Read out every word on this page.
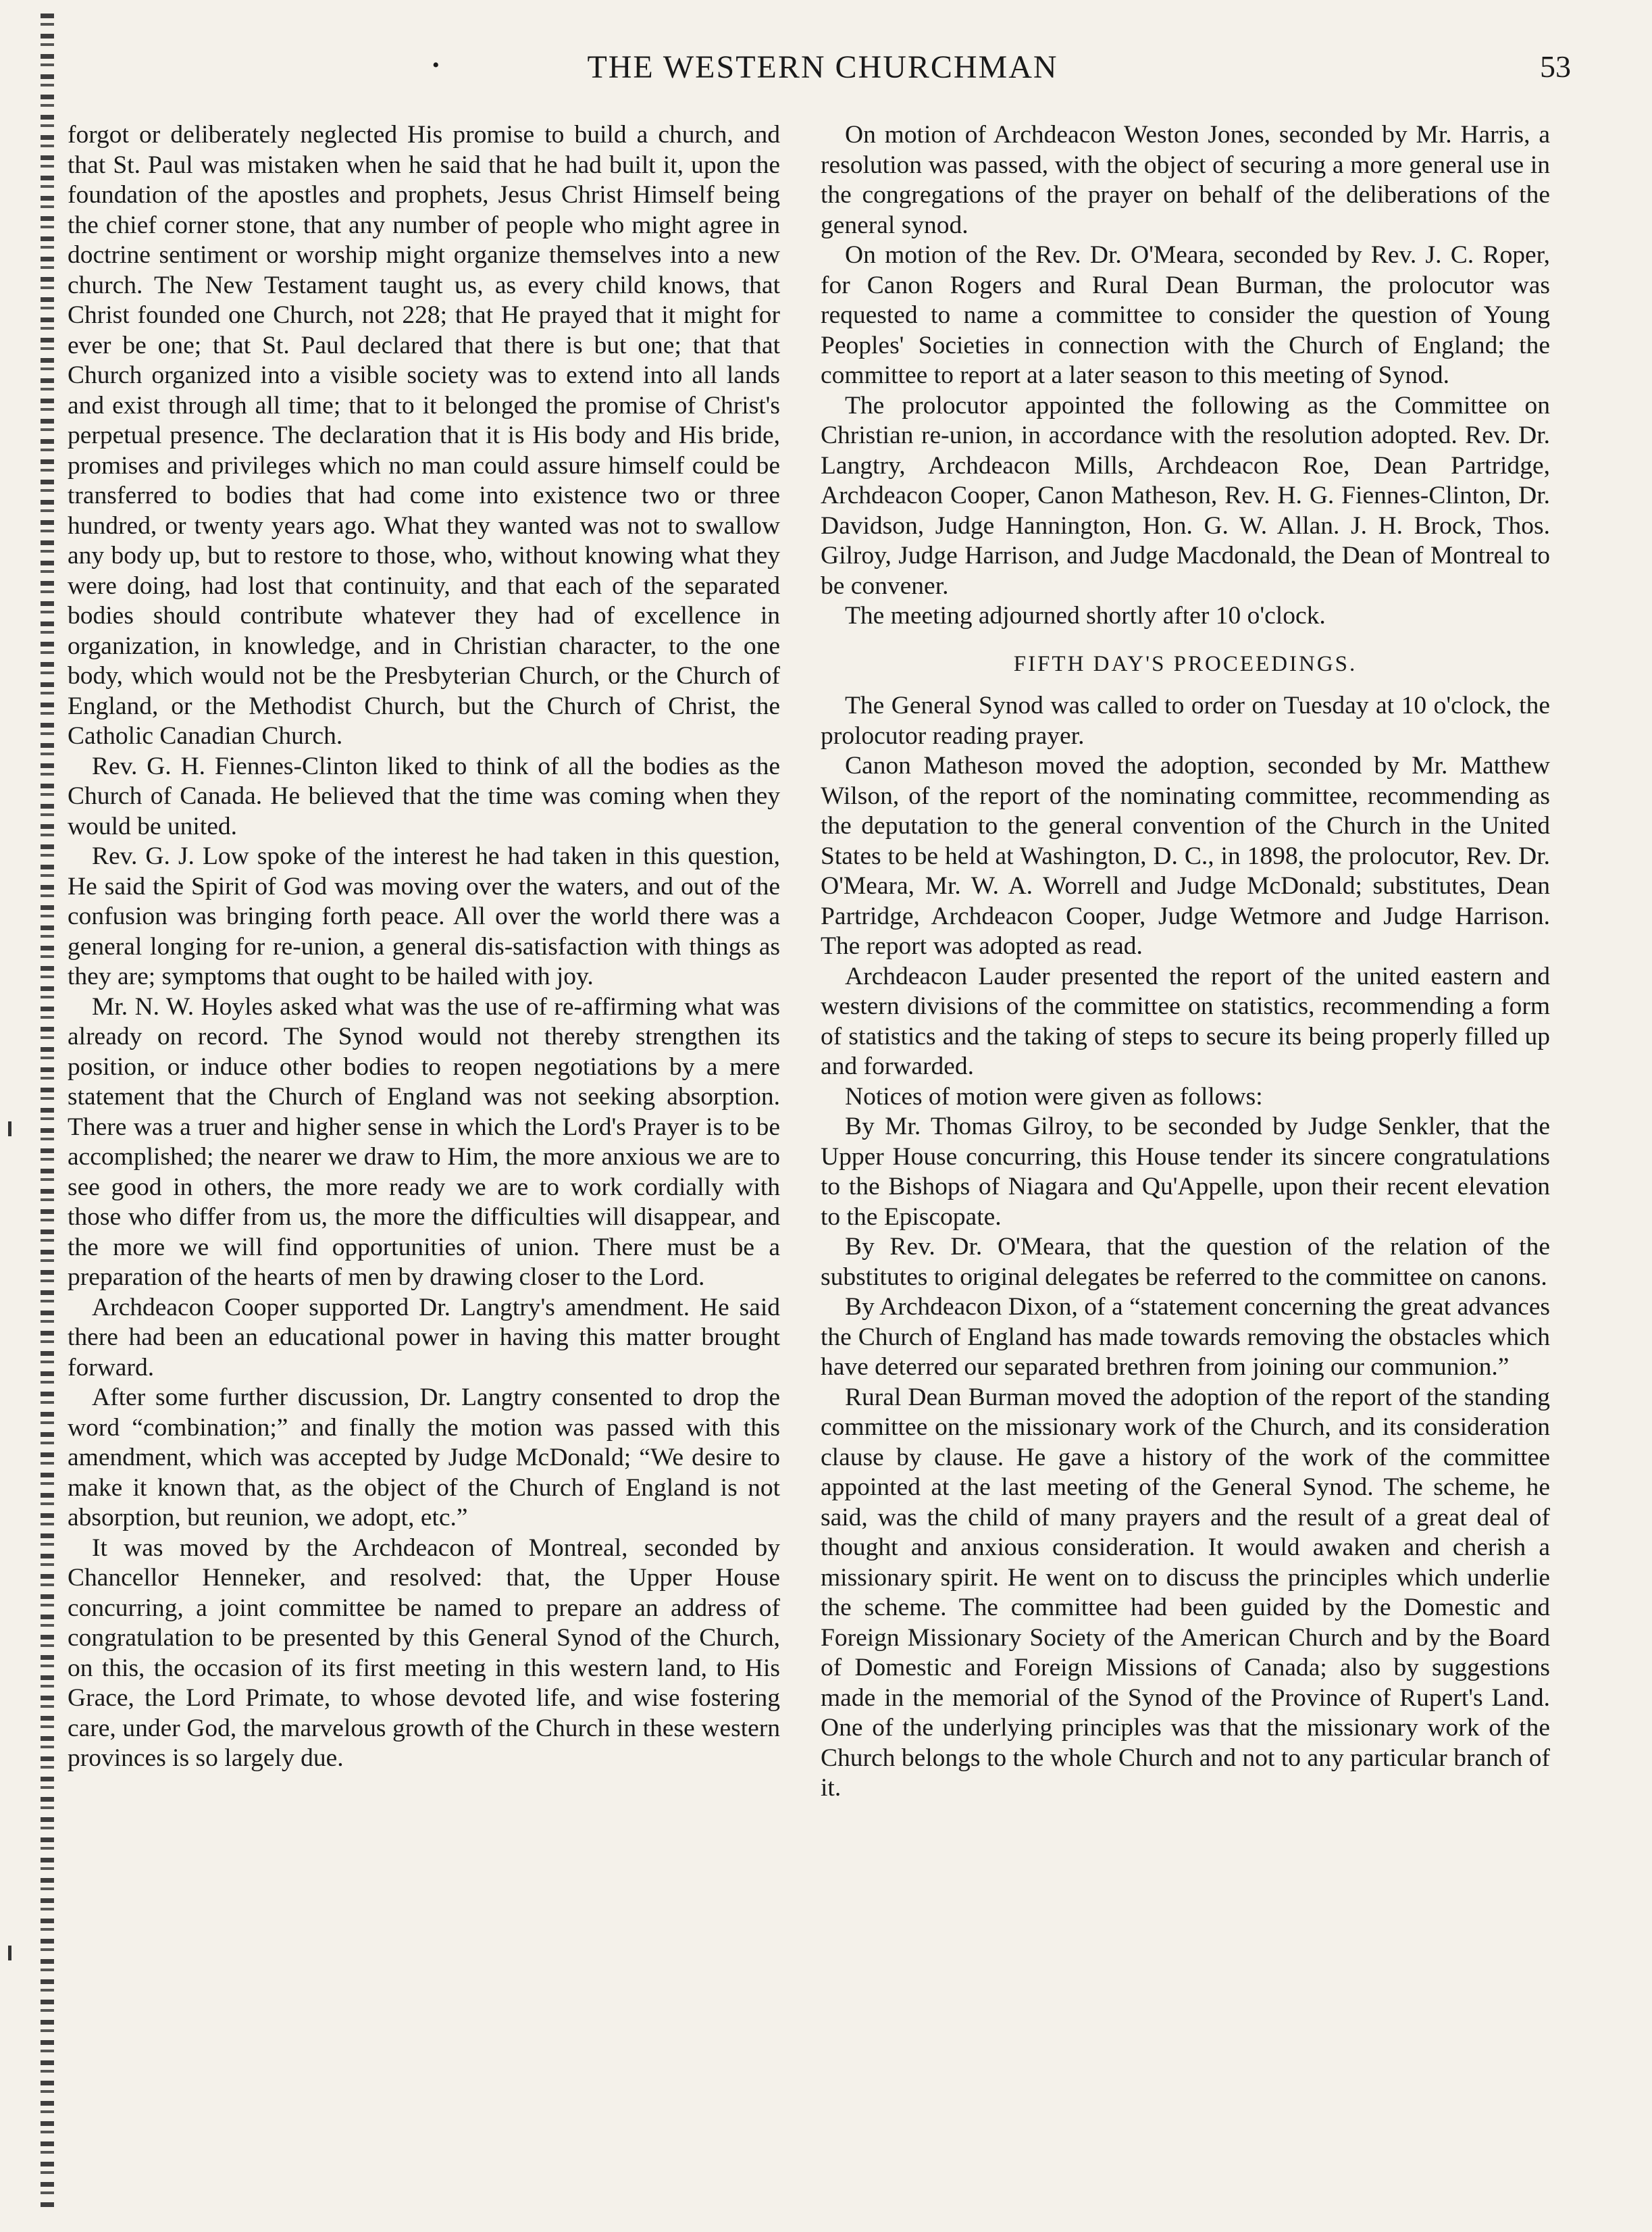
•	THE WESTERN CHURCHMAN	53

forgot or deliberately neglected His promise to build a church, and that St. Paul was mistaken when he said that he had built it, upon the foundation of the apostles and prophets, Jesus Christ Himself being the chief corner stone, that any number of people who might agree in doctrine sentiment or worship might organize themselves into a new church. The New Testament taught us, as every child knows, that Christ founded one Church, not 228; that He prayed that it might for ever be one; that St. Paul declared that there is but one; that that Church organized into a visible society was to extend into all lands and exist through all time; that to it belonged the promise of Christ's perpetual presence. The declaration that it is His body and His bride, promises and privileges which no man could assure himself could be transferred to bodies that had come into existence two or three hundred, or twenty years ago. What they wanted was not to swallow any body up, but to restore to those, who, without knowing what they were doing, had lost that continuity, and that each of the separated bodies should contribute whatever they had of excellence in organization, in knowledge, and in Christian character, to the one body, which would not be the Presbyterian Church, or the Church of England, or the Methodist Church, but the Church of Christ, the Catholic Canadian Church.

Rev. G. H. Fiennes-Clinton liked to think of all the bodies as the Church of Canada. He believed that the time was coming when they would be united.

Rev. G. J. Low spoke of the interest he had taken in this question, He said the Spirit of God was moving over the waters, and out of the confusion was bringing forth peace. All over the world there was a general longing for re-union, a general dis-satisfaction with things as they are; symptoms that ought to be hailed with joy.

Mr. N. W. Hoyles asked what was the use of re-affirming what was already on record. The Synod would not thereby strengthen its position, or induce other bodies to reopen negotiations by a mere statement that the Church of England was not seeking absorption. There was a truer and higher sense in which the Lord's Prayer is to be accomplished; the nearer we draw to Him, the more anxious we are to see good in others, the more ready we are to work cordially with those who differ from us, the more the difficulties will disappear, and the more we will find opportunities of union. There must be a preparation of the hearts of men by drawing closer to the Lord.

Archdeacon Cooper supported Dr. Langtry's amendment. He said there had been an educational power in having this matter brought forward.

After some further discussion, Dr. Langtry consented to drop the word “combination;” and finally the motion was passed with this amendment, which was accepted by Judge McDonald; “We desire to make it known that, as the object of the Church of England is not absorption, but reunion, we adopt, etc.”

It was moved by the Archdeacon of Montreal, seconded by Chancellor Henneker, and resolved: that, the Upper House concurring, a joint committee be named to prepare an address of congratulation to be presented by this General Synod of the Church, on this, the occasion of its first meeting in this western land, to His Grace, the Lord Primate, to whose devoted life, and wise fostering care, under God, the marvelous growth of the Church in these western provinces is so largely due.

On motion of Archdeacon Weston Jones, seconded by Mr. Harris, a resolution was passed, with the object of securing a more general use in the congregations of the prayer on behalf of the deliberations of the general synod.

On motion of the Rev. Dr. O'Meara, seconded by Rev. J. C. Roper, for Canon Rogers and Rural Dean Burman, the prolocutor was requested to name a committee to consider the question of Young Peoples' Societies in connection with the Church of England; the committee to report at a later season to this meeting of Synod.

The prolocutor appointed the following as the Committee on Christian re-union, in accordance with the resolution adopted. Rev. Dr. Langtry, Archdeacon Mills, Archdeacon Roe, Dean Partridge, Archdeacon Cooper, Canon Matheson, Rev. H. G. Fiennes-Clinton, Dr. Davidson, Judge Hannington, Hon. G. W. Allan. J. H. Brock, Thos. Gilroy, Judge Harrison, and Judge Macdonald, the Dean of Montreal to be convener.

The meeting adjourned shortly after 10 o'clock.

FIFTH DAY'S PROCEEDINGS.

The General Synod was called to order on Tuesday at 10 o'clock, the prolocutor reading prayer.

Canon Matheson moved the adoption, seconded by Mr. Matthew Wilson, of the report of the nominating committee, recommending as the deputation to the general convention of the Church in the United States to be held at Washington, D. C., in 1898, the prolocutor, Rev. Dr. O'Meara, Mr. W. A. Worrell and Judge McDonald; substitutes, Dean Partridge, Archdeacon Cooper, Judge Wetmore and Judge Harrison. The report was adopted as read.

Archdeacon Lauder presented the report of the united eastern and western divisions of the committee on statistics, recommending a form of statistics and the taking of steps to secure its being properly filled up and forwarded.

Notices of motion were given as follows:

By Mr. Thomas Gilroy, to be seconded by Judge Senkler, that the Upper House concurring, this House tender its sincere congratulations to the Bishops of Niagara and Qu'Appelle, upon their recent elevation to the Episcopate.

By Rev. Dr. O'Meara, that the question of the relation of the substitutes to original delegates be referred to the committee on canons.

By Archdeacon Dixon, of a “statement concerning the great advances the Church of England has made towards removing the obstacles which have deterred our separated brethren from joining our communion.”

Rural Dean Burman moved the adoption of the report of the standing committee on the missionary work of the Church, and its consideration clause by clause. He gave a history of the work of the committee appointed at the last meeting of the General Synod. The scheme, he said, was the child of many prayers and the result of a great deal of thought and anxious consideration. It would awaken and cherish a missionary spirit. He went on to discuss the principles which underlie the scheme. The committee had been guided by the Domestic and Foreign Missionary Society of the American Church and by the Board of Domestic and Foreign Missions of Canada; also by suggestions made in the memorial of the Synod of the Province of Rupert's Land. One of the underlying principles was that the missionary work of the Church belongs to the whole Church and not to any particular branch of it.
